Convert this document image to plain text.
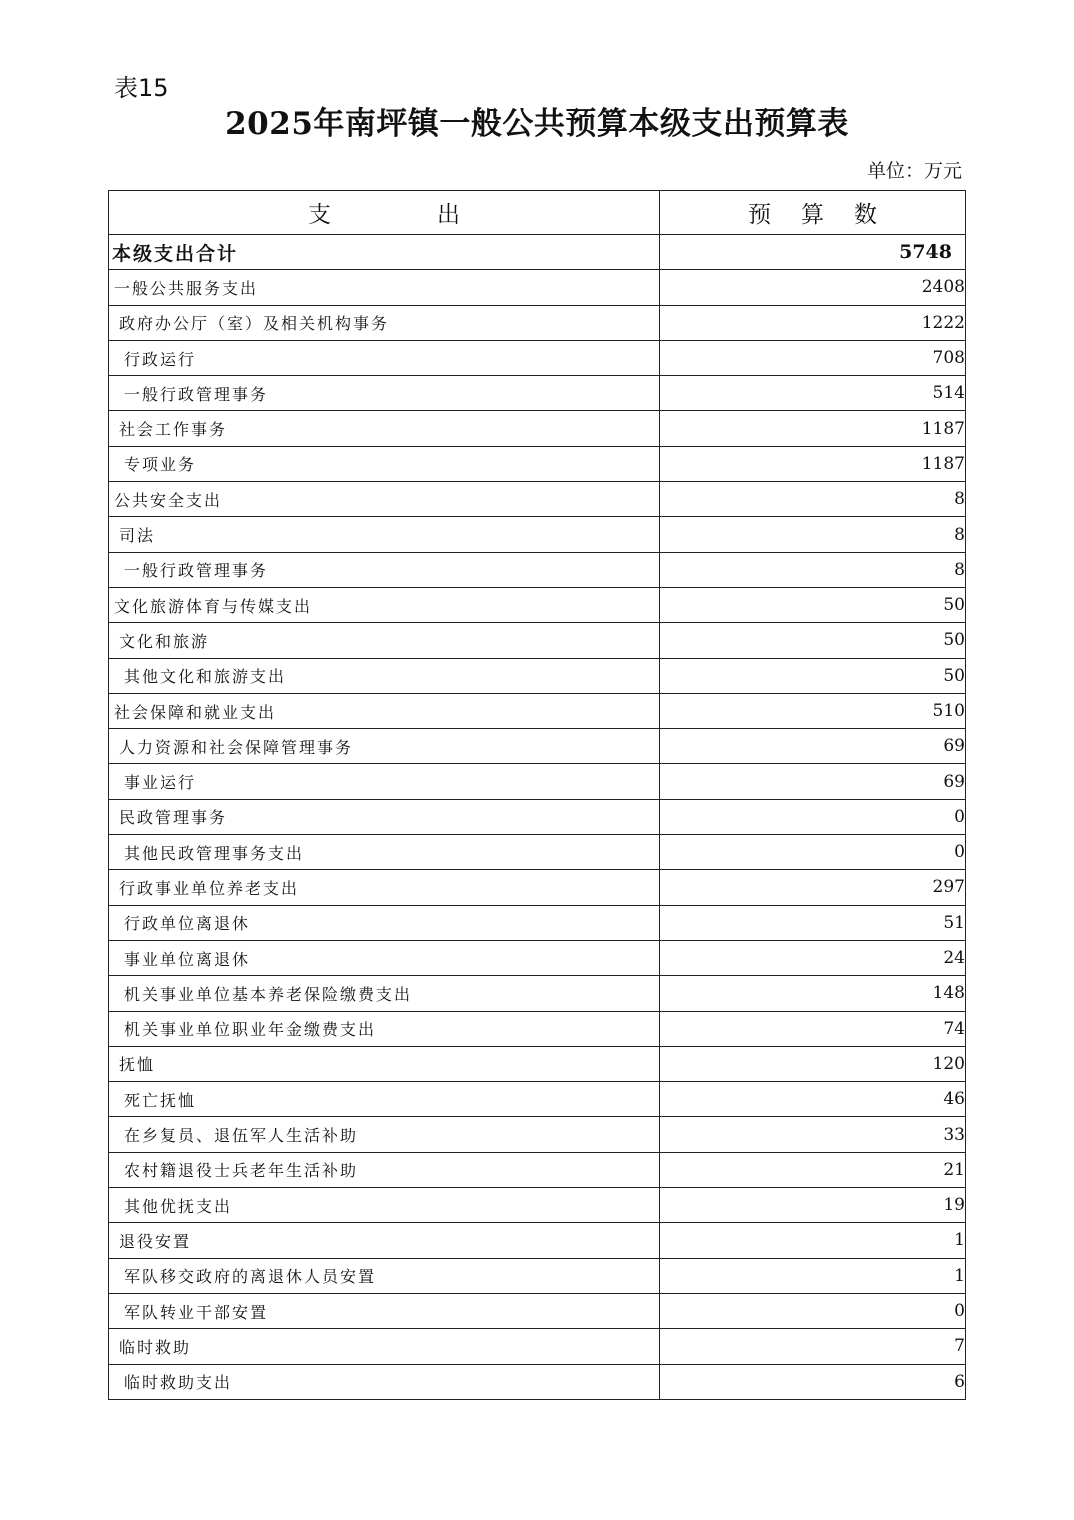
表15
2025年南坪镇一般公共预算本级支出预算表
单位：万元
支出	预算数
本级支出合计	5748
一般公共服务支出	2408
政府办公厅（室）及相关机构事务	1222
行政运行	708
一般行政管理事务	514
社会工作事务	1187
专项业务	1187
公共安全支出	8
司法	8
一般行政管理事务	8
文化旅游体育与传媒支出	50
文化和旅游	50
其他文化和旅游支出	50
社会保障和就业支出	510
人力资源和社会保障管理事务	69
事业运行	69
民政管理事务	0
其他民政管理事务支出	0
行政事业单位养老支出	297
行政单位离退休	51
事业单位离退休	24
机关事业单位基本养老保险缴费支出	148
机关事业单位职业年金缴费支出	74
抚恤	120
死亡抚恤	46
在乡复员、退伍军人生活补助	33
农村籍退役士兵老年生活补助	21
其他优抚支出	19
退役安置	1
军队移交政府的离退休人员安置	1
军队转业干部安置	0
临时救助	7
临时救助支出	6
